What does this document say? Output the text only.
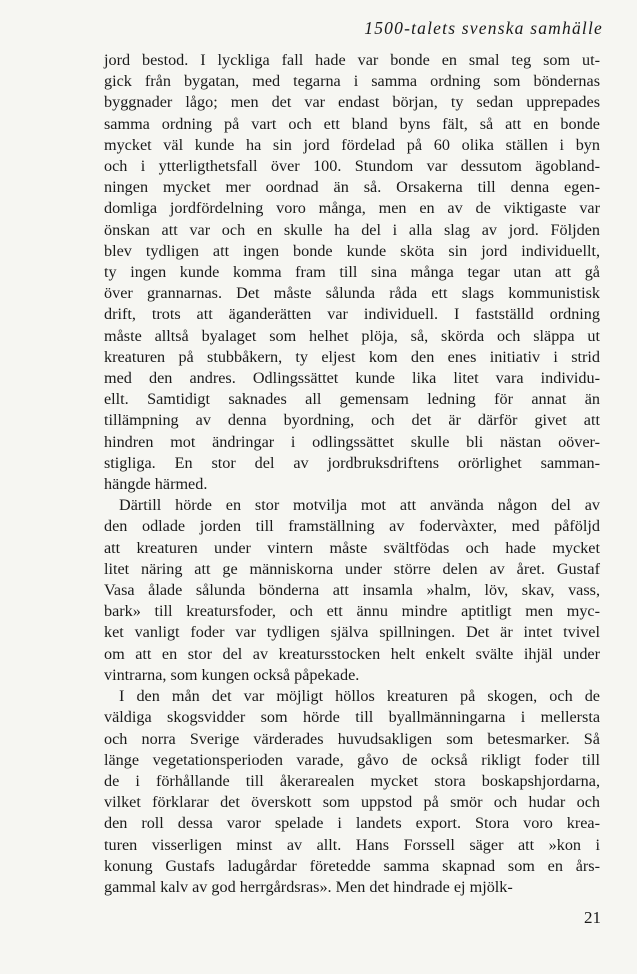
1500-talets svenska samhälle
jord bestod. I lyckliga fall hade var bonde en smal teg som ut-
gick från bygatan, med tegarna i samma ordning som böndernas
byggnader lågo; men det var endast början, ty sedan upprepades
samma ordning på vart och ett bland byns fält, så att en bonde
mycket väl kunde ha sin jord fördelad på 60 olika ställen i byn
och i ytterligthetsfall över 100. Stundom var dessutom ägobland-
ningen mycket mer oordnad än så. Orsakerna till denna egen-
domliga jordfördelning voro många, men en av de viktigaste var
önskan att var och en skulle ha del i alla slag av jord. Följden
blev tydligen att ingen bonde kunde sköta sin jord individuellt,
ty ingen kunde komma fram till sina många tegar utan att gå
över grannarnas. Det måste sålunda råda ett slags kommunistisk
drift, trots att äganderätten var individuell. I fastställd ordning
måste alltså byalaget som helhet plöja, så, skörda och släppa ut
kreaturen på stubbåkern, ty eljest kom den enes initiativ i strid
med den andres. Odlingssättet kunde lika litet vara individu-
ellt. Samtidigt saknades all gemensam ledning för annat än
tillämpning av denna byordning, och det är därför givet att
hindren mot ändringar i odlingssättet skulle bli nästan oöver-
stigliga. En stor del av jordbruksdriftens orörlighet samman-
hängde härmed.
Därtill hörde en stor motvilja mot att använda någon del av
den odlade jorden till framställning av fodervàxter, med påföljd
att kreaturen under vintern måste svältfödas och hade mycket
litet näring att ge människorna under större delen av året. Gustaf
Vasa ålade sålunda bönderna att insamla »halm, löv, skav, vass,
bark» till kreatursfoder, och ett ännu mindre aptitligt men myc-
ket vanligt foder var tydligen själva spillningen. Det är intet tvivel
om att en stor del av kreatursstocken helt enkelt svälte ihjäl under
vintrarna, som kungen också påpekade.
I den mån det var möjligt höllos kreaturen på skogen, och de
väldiga skogsvidder som hörde till byallmänningarna i mellersta
och norra Sverige värderades huvudsakligen som betesmarker. Så
länge vegetationsperioden varade, gåvo de också rikligt foder till
de i förhållande till åkerarealen mycket stora boskapshjordarna,
vilket förklarar det överskott som uppstod på smör och hudar och
den roll dessa varor spelade i landets export. Stora voro krea-
turen visserligen minst av allt. Hans Forssell säger att »kon i
konung Gustafs ladugårdar företedde samma skapnad som en års-
gammal kalv av god herrgårdsras». Men det hindrade ej mjölk-
21
